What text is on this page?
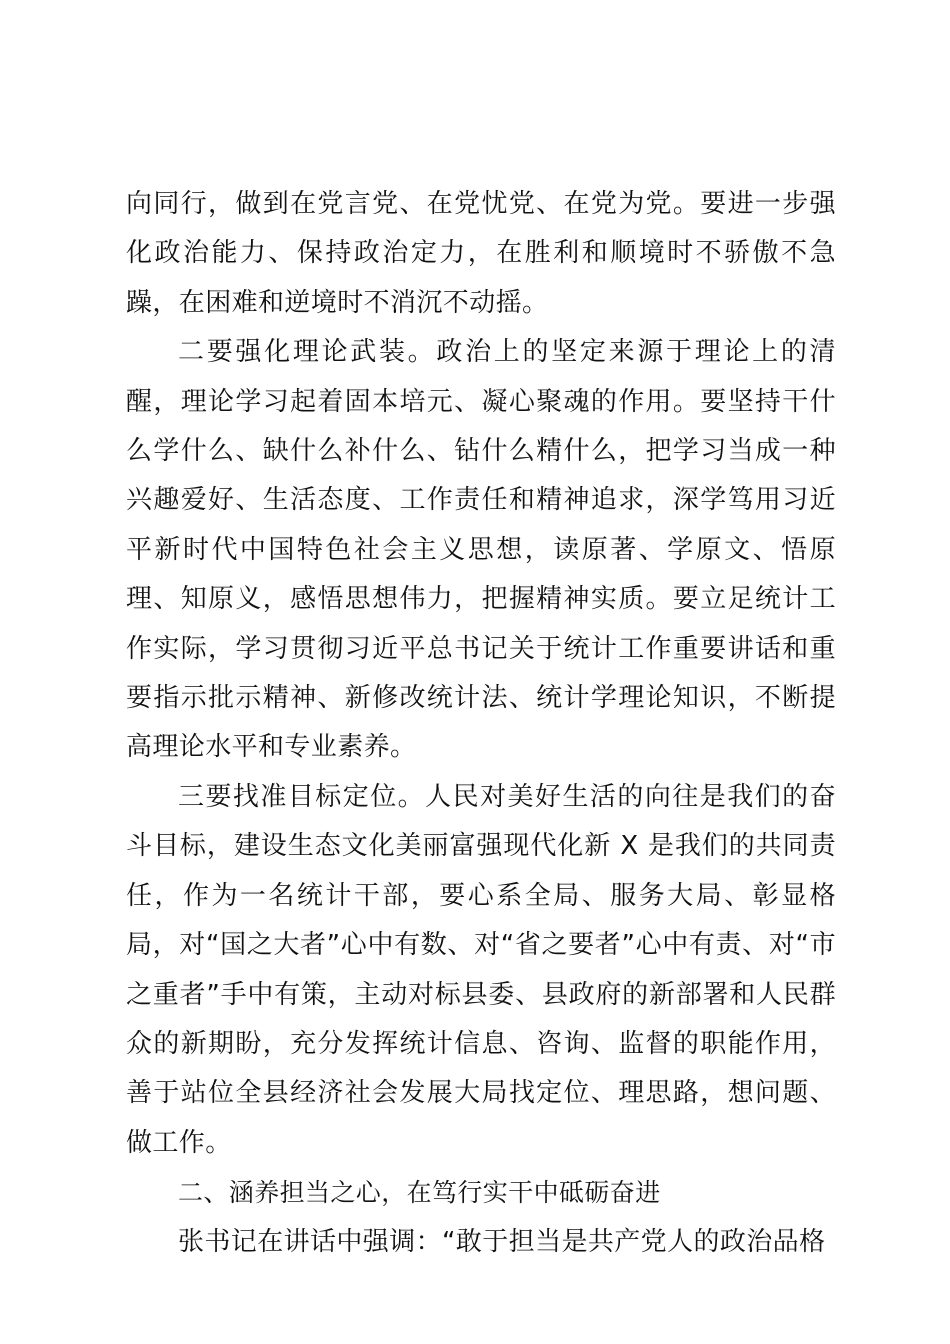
向同行，做到在党言党、在党忧党、在党为党。要进一步强化政治能力、保持政治定力，在胜利和顺境时不骄傲不急躁，在困难和逆境时不消沉不动摇。

二要强化理论武装。政治上的坚定来源于理论上的清醒，理论学习起着固本培元、凝心聚魂的作用。要坚持干什么学什么、缺什么补什么、钻什么精什么，把学习当成一种兴趣爱好、生活态度、工作责任和精神追求，深学笃用习近平新时代中国特色社会主义思想，读原著、学原文、悟原理、知原义，感悟思想伟力，把握精神实质。要立足统计工作实际，学习贯彻习近平总书记关于统计工作重要讲话和重要指示批示精神、新修改统计法、统计学理论知识，不断提高理论水平和专业素养。

三要找准目标定位。人民对美好生活的向往是我们的奋斗目标，建设生态文化美丽富强现代化新 X 是我们的共同责任，作为一名统计干部，要心系全局、服务大局、彰显格局，对“国之大者”心中有数、对“省之要者”心中有责、对“市之重者”手中有策，主动对标县委、县政府的新部署和人民群众的新期盼，充分发挥统计信息、咨询、监督的职能作用，善于站位全县经济社会发展大局找定位、理思路，想问题、做工作。

二、涵养担当之心，在笃行实干中砥砺奋进

张书记在讲话中强调：“敢于担当是共产党人的政治品格
